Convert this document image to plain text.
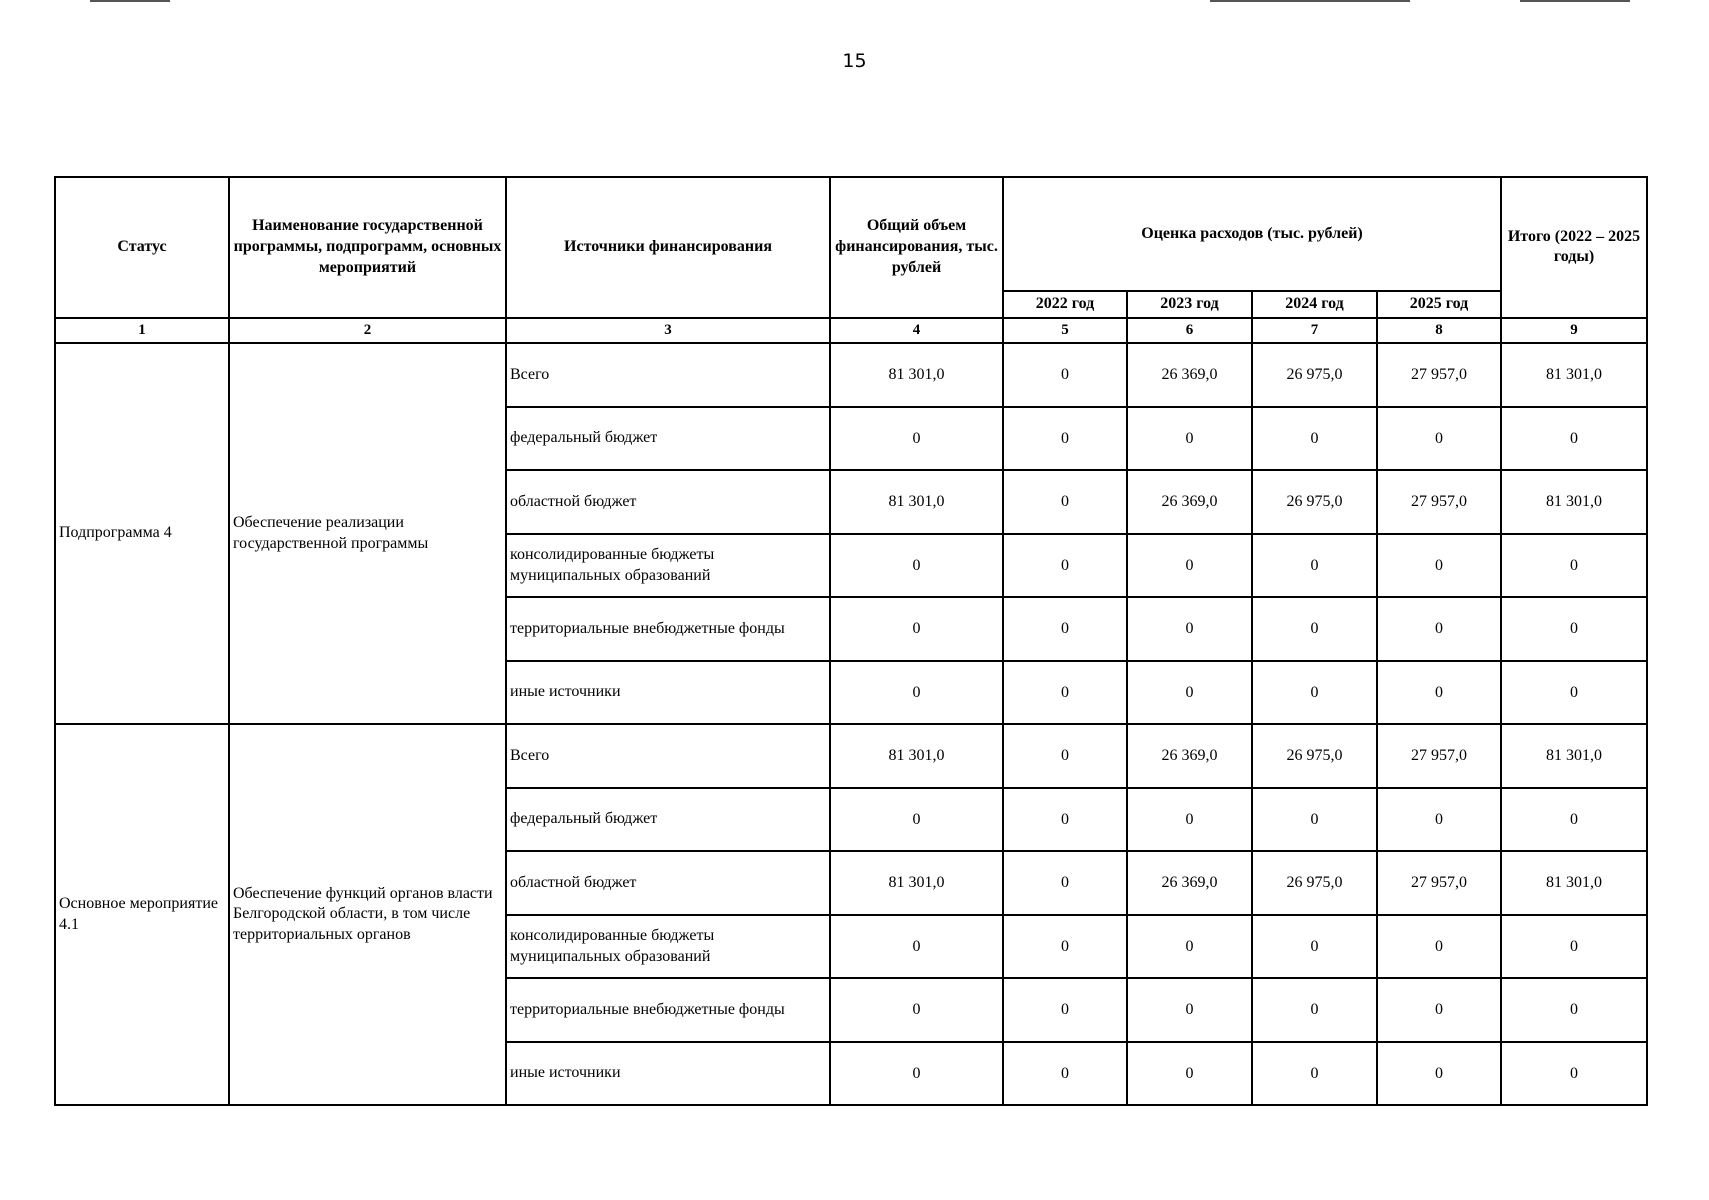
15
Статус	Наименование государственной программы, подпрограмм, основных мероприятий	Источники финансирования	Общий объем финансирования, тыс. рублей	Оценка расходов (тыс. рублей)				Итого (2022 – 2025 годы)
				2022 год	2023 год	2024 год	2025 год	
1	2	3	4	5	6	7	8	9
Подпрограмма 4	Обеспечение реализации государственной программы	Всего	81 301,0	0	26 369,0	26 975,0	27 957,0	81 301,0
		федеральный бюджет	0	0	0	0	0	0
		областной бюджет	81 301,0	0	26 369,0	26 975,0	27 957,0	81 301,0
		консолидированные бюджеты муниципальных образований	0	0	0	0	0	0
		территориальные внебюджетные фонды	0	0	0	0	0	0
		иные источники	0	0	0	0	0	0
Основное мероприятие 4.1	Обеспечение функций органов власти Белгородской области, в том числе территориальных органов	Всего	81 301,0	0	26 369,0	26 975,0	27 957,0	81 301,0
		федеральный бюджет	0	0	0	0	0	0
		областной бюджет	81 301,0	0	26 369,0	26 975,0	27 957,0	81 301,0
		консолидированные бюджеты муниципальных образований	0	0	0	0	0	0
		территориальные внебюджетные фонды	0	0	0	0	0	0
		иные источники	0	0	0	0	0	0
